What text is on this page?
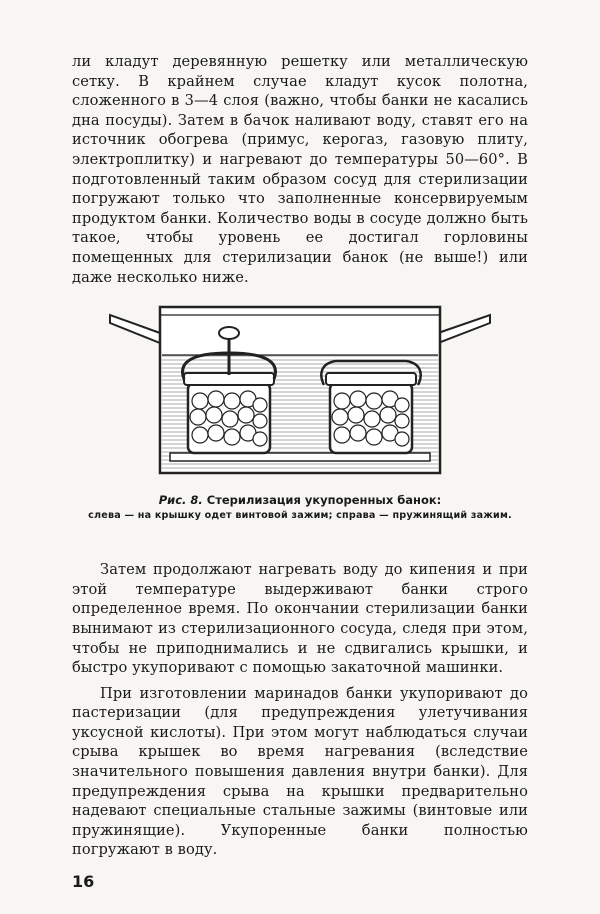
ли кладут деревянную решетку или металлическую сетку. В крайнем случае кладут кусок полотна, сложенного в 3—4 слоя (важно, чтобы банки не касались дна посуды). Затем в бачок наливают воду, ставят его на источник обогрева (примус, керогаз, газовую плиту, электроплитку) и нагревают до температуры 50—60°. В подготовленный таким образом сосуд для стерилизации погружают только что заполненные консервируемым продуктом банки. Количество воды в сосуде должно быть такое, чтобы уровень ее достигал горловины помещенных для стерилизации банок (не выше!) или даже несколько ниже.

Рис. 8. Стерилизация укупоренных банок:
слева — на крышку одет винтовой зажим; справа — пружинящий зажим.

Затем продолжают нагревать воду до кипения и при этой температуре выдерживают банки строго определенное время. По окончании стерилизации банки вынимают из стерилизационного сосуда, следя при этом, чтобы не приподнимались и не сдвигались крышки, и быстро укупоривают с помощью закаточной машинки.

При изготовлении маринадов банки укупоривают до пастеризации (для предупреждения улетучивания уксусной кислоты). При этом могут наблюдаться случаи срыва крышек во время нагревания (вследствие значительного повышения давления внутри банки). Для предупреждения срыва на крышки предварительно надевают специальные стальные зажимы (винтовые или пружинящие). Укупоренные банки полностью погружают в воду.

16
